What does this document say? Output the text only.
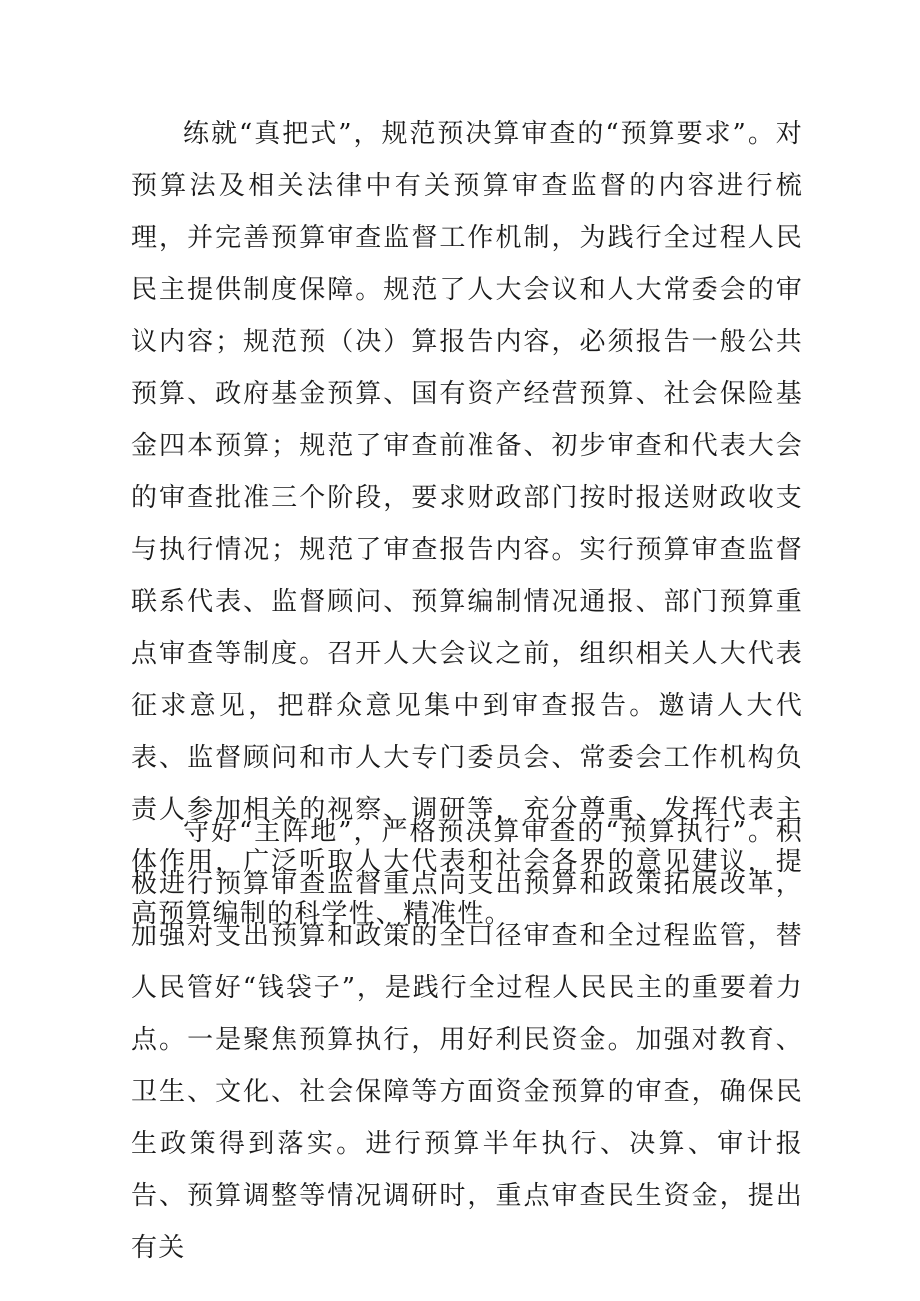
练就“真把式”，规范预决算审查的“预算要求”。对预算法及相关法律中有关预算审查监督的内容进行梳理，并完善预算审查监督工作机制，为践行全过程人民民主提供制度保障。规范了人大会议和人大常委会的审议内容；规范预（决）算报告内容，必须报告一般公共预算、政府基金预算、国有资产经营预算、社会保险基金四本预算；规范了审查前准备、初步审查和代表大会的审查批准三个阶段，要求财政部门按时报送财政收支与执行情况；规范了审查报告内容。实行预算审查监督联系代表、监督顾问、预算编制情况通报、部门预算重点审查等制度。召开人大会议之前，组织相关人大代表征求意见，把群众意见集中到审查报告。邀请人大代表、监督顾问和市人大专门委员会、常委会工作机构负责人参加相关的视察、调研等，充分尊重、发挥代表主体作用，广泛听取人大代表和社会各界的意见建议，提高预算编制的科学性、精准性。

守好“主阵地”，严格预决算审查的“预算执行”。积极进行预算审查监督重点向支出预算和政策拓展改革，加强对支出预算和政策的全口径审查和全过程监管，替人民管好“钱袋子”，是践行全过程人民民主的重要着力点。一是聚焦预算执行，用好利民资金。加强对教育、卫生、文化、社会保障等方面资金预算的审查，确保民生政策得到落实。进行预算半年执行、决算、审计报告、预算调整等情况调研时，重点审查民生资金，提出有关
